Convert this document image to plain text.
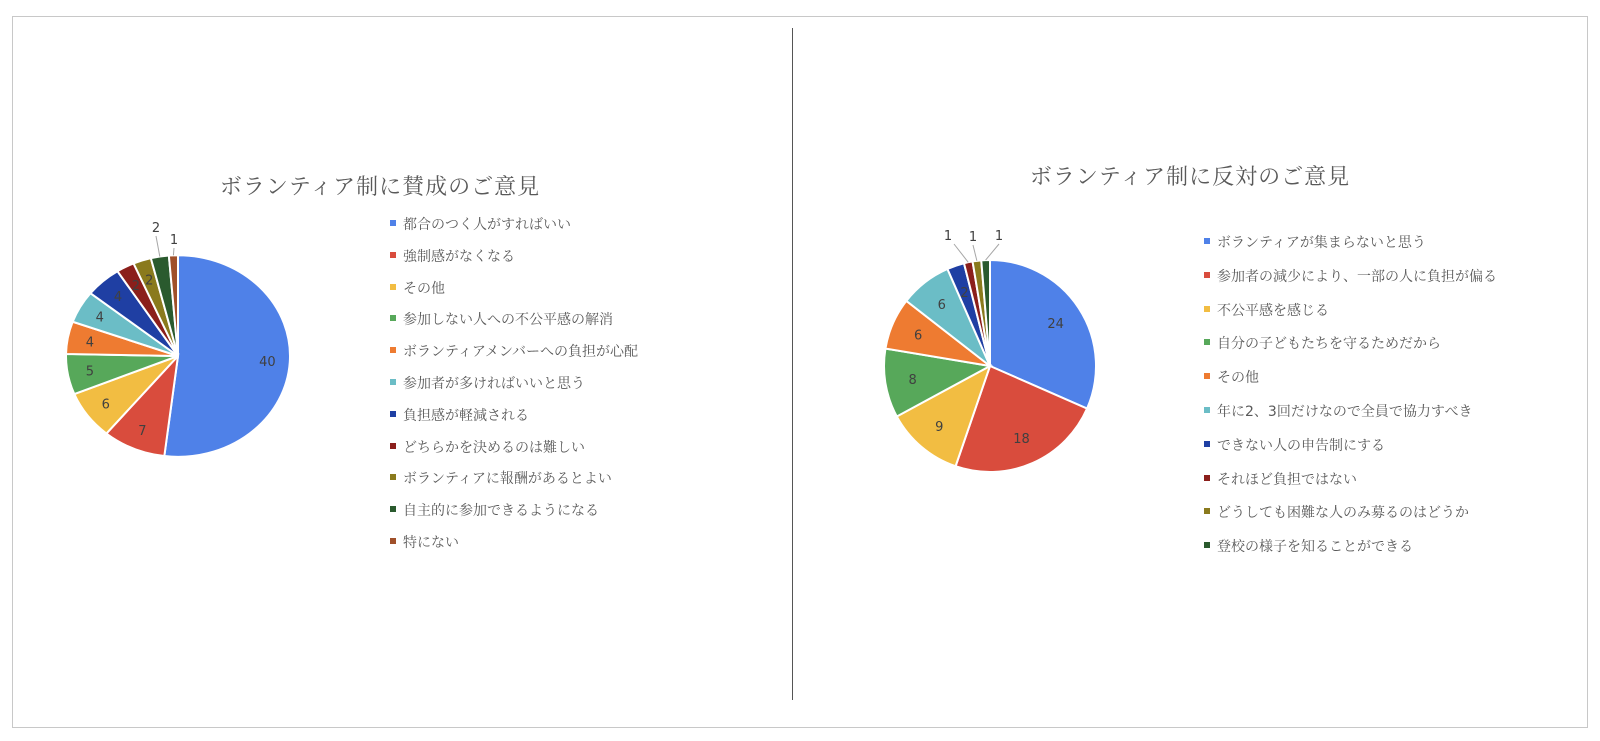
ボランティア制に賛成のご意見
40
7
6
5
4
4
4
2 2
2
1
都合のつく人がすればいい
強制感がなくなる
その他
参加しない人への不公平感の解消
ボランティアメンバーへの負担が心配
参加者が多ければいいと思う
負担感が軽減される
どちらかを決めるのは難しい
ボランティアに報酬があるとよい
自主的に参加できるようになる
特にない
ボランティア制に反対のご意見
24
18
9
8
6
6
2
1 1 1	ボランティアが集まらないと思う
参加者の減少により、一部の人に負担が偏る
不公平感を感じる
自分の子どもたちを守るためだから
その他
年に2、3回だけなので全員で協力すべき
できない人の申告制にする
それほど負担ではない
どうしても困難な人のみ募るのはどうか
登校の様子を知ることができる
